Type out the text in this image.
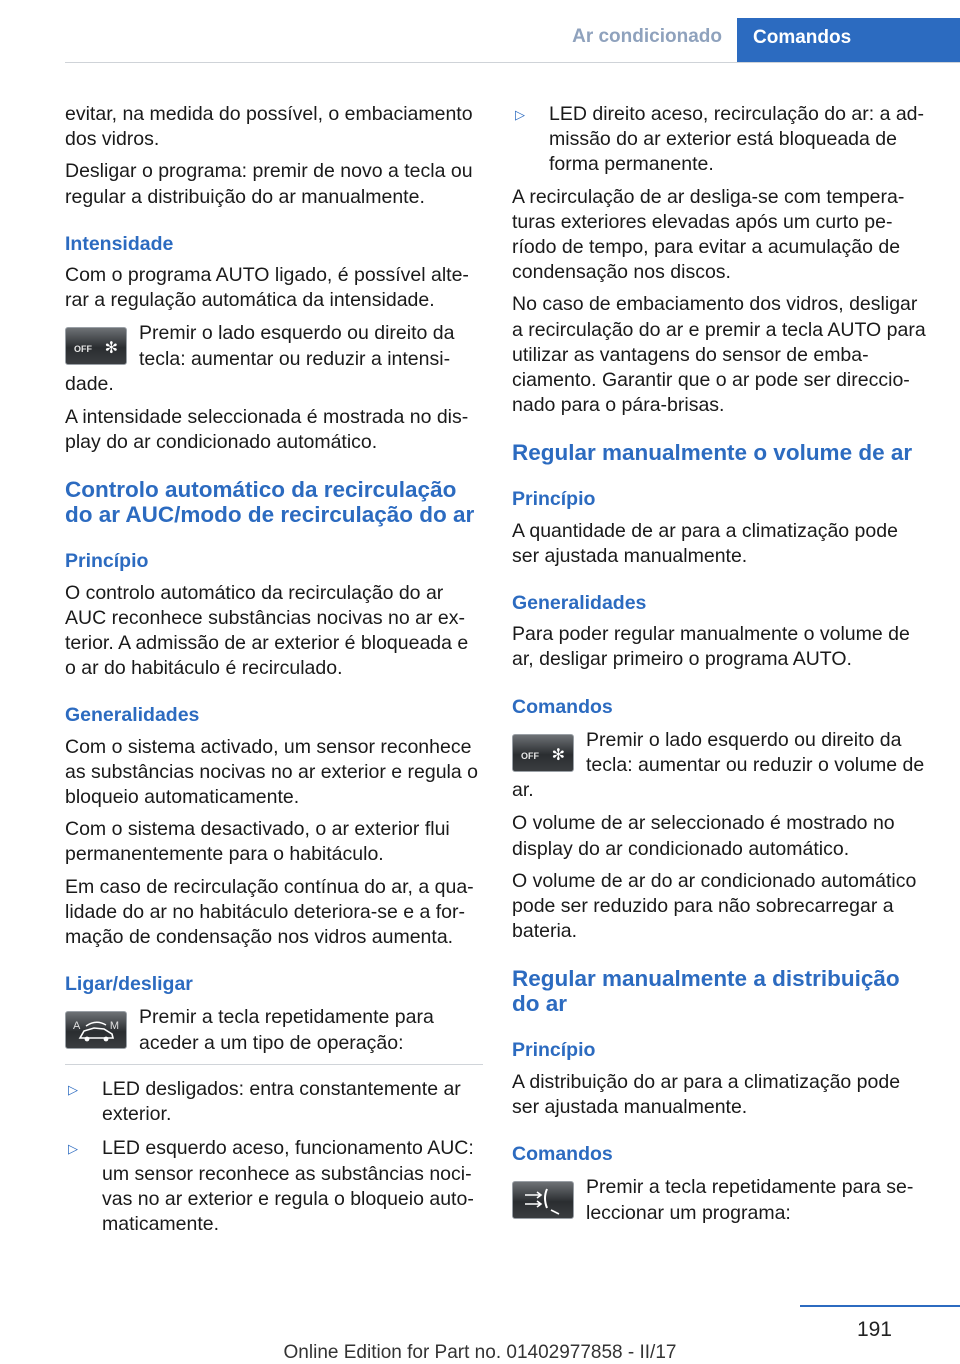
Ar condicionado	Comandos

evitar, na medida do possível, o embaciamento dos vidros.

Desligar o programa: premir de novo a tecla ou regular a distribuição do ar manualmente.

Intensidade

Com o programa AUTO ligado, é possível alte‐rar a regulação automática da intensidade.

OFF ✻
Premir o lado esquerdo ou direito da tecla: aumentar ou reduzir a intensi‐dade.

A intensidade seleccionada é mostrada no dis‐play do ar condicionado automático.

Controlo automático da recirculação do ar AUC/modo de recirculação do ar
Princípio

O controlo automático da recirculação do ar AUC reconhece substâncias nocivas no ar ex‐terior. A admissão de ar exterior é bloqueada e o ar do habitáculo é recirculado.

Generalidades

Com o sistema activado, um sensor reconhece as substâncias nocivas no ar exterior e regula o bloqueio automaticamente.

Com o sistema desactivado, o ar exterior flui permanentemente para o habitáculo.

Em caso de recirculação contínua do ar, a qua‐lidade do ar no habitáculo deteriora-se e a for‐mação de condensação nos vidros aumenta.

Ligar/desligar
A	M Premir a tecla repetidamente para aceder a um tipo de operação:
▷	LED desligados: entra constantemente ar exterior.
▷	LED esquerdo aceso, funcionamento AUC: um sensor reconhece as substâncias noci‐vas no ar exterior e regula o bloqueio auto‐maticamente.
▷	LED direito aceso, recirculação do ar: a ad‐missão do ar exterior está bloqueada de forma permanente.

A recirculação de ar desliga-se com tempera‐turas exteriores elevadas após um curto pe‐ríodo de tempo, para evitar a acumulação de condensação nos discos.

No caso de embaciamento dos vidros, desligar a recirculação do ar e premir a tecla AUTO para utilizar as vantagens do sensor de emba‐ciamento. Garantir que o ar pode ser direccio‐nado para o pára-brisas.

Regular manualmente o volume de ar
Princípio

A quantidade de ar para a climatização pode ser ajustada manualmente.

Generalidades

Para poder regular manualmente o volume de ar, desligar primeiro o programa AUTO.

Comandos
OFF ✻
Premir o lado esquerdo ou direito da tecla: aumentar ou reduzir o volume de ar.

O volume de ar seleccionado é mostrado no display do ar condicionado automático.

O volume de ar do ar condicionado automático pode ser reduzido para não sobrecarregar a bateria.

Regular manualmente a distribuição do ar
Princípio

A distribuição do ar para a climatização pode ser ajustada manualmente.

Comandos
Premir a tecla repetidamente para se‐leccionar um programa:
191
Online Edition for Part no. 01402977858 - II/17
